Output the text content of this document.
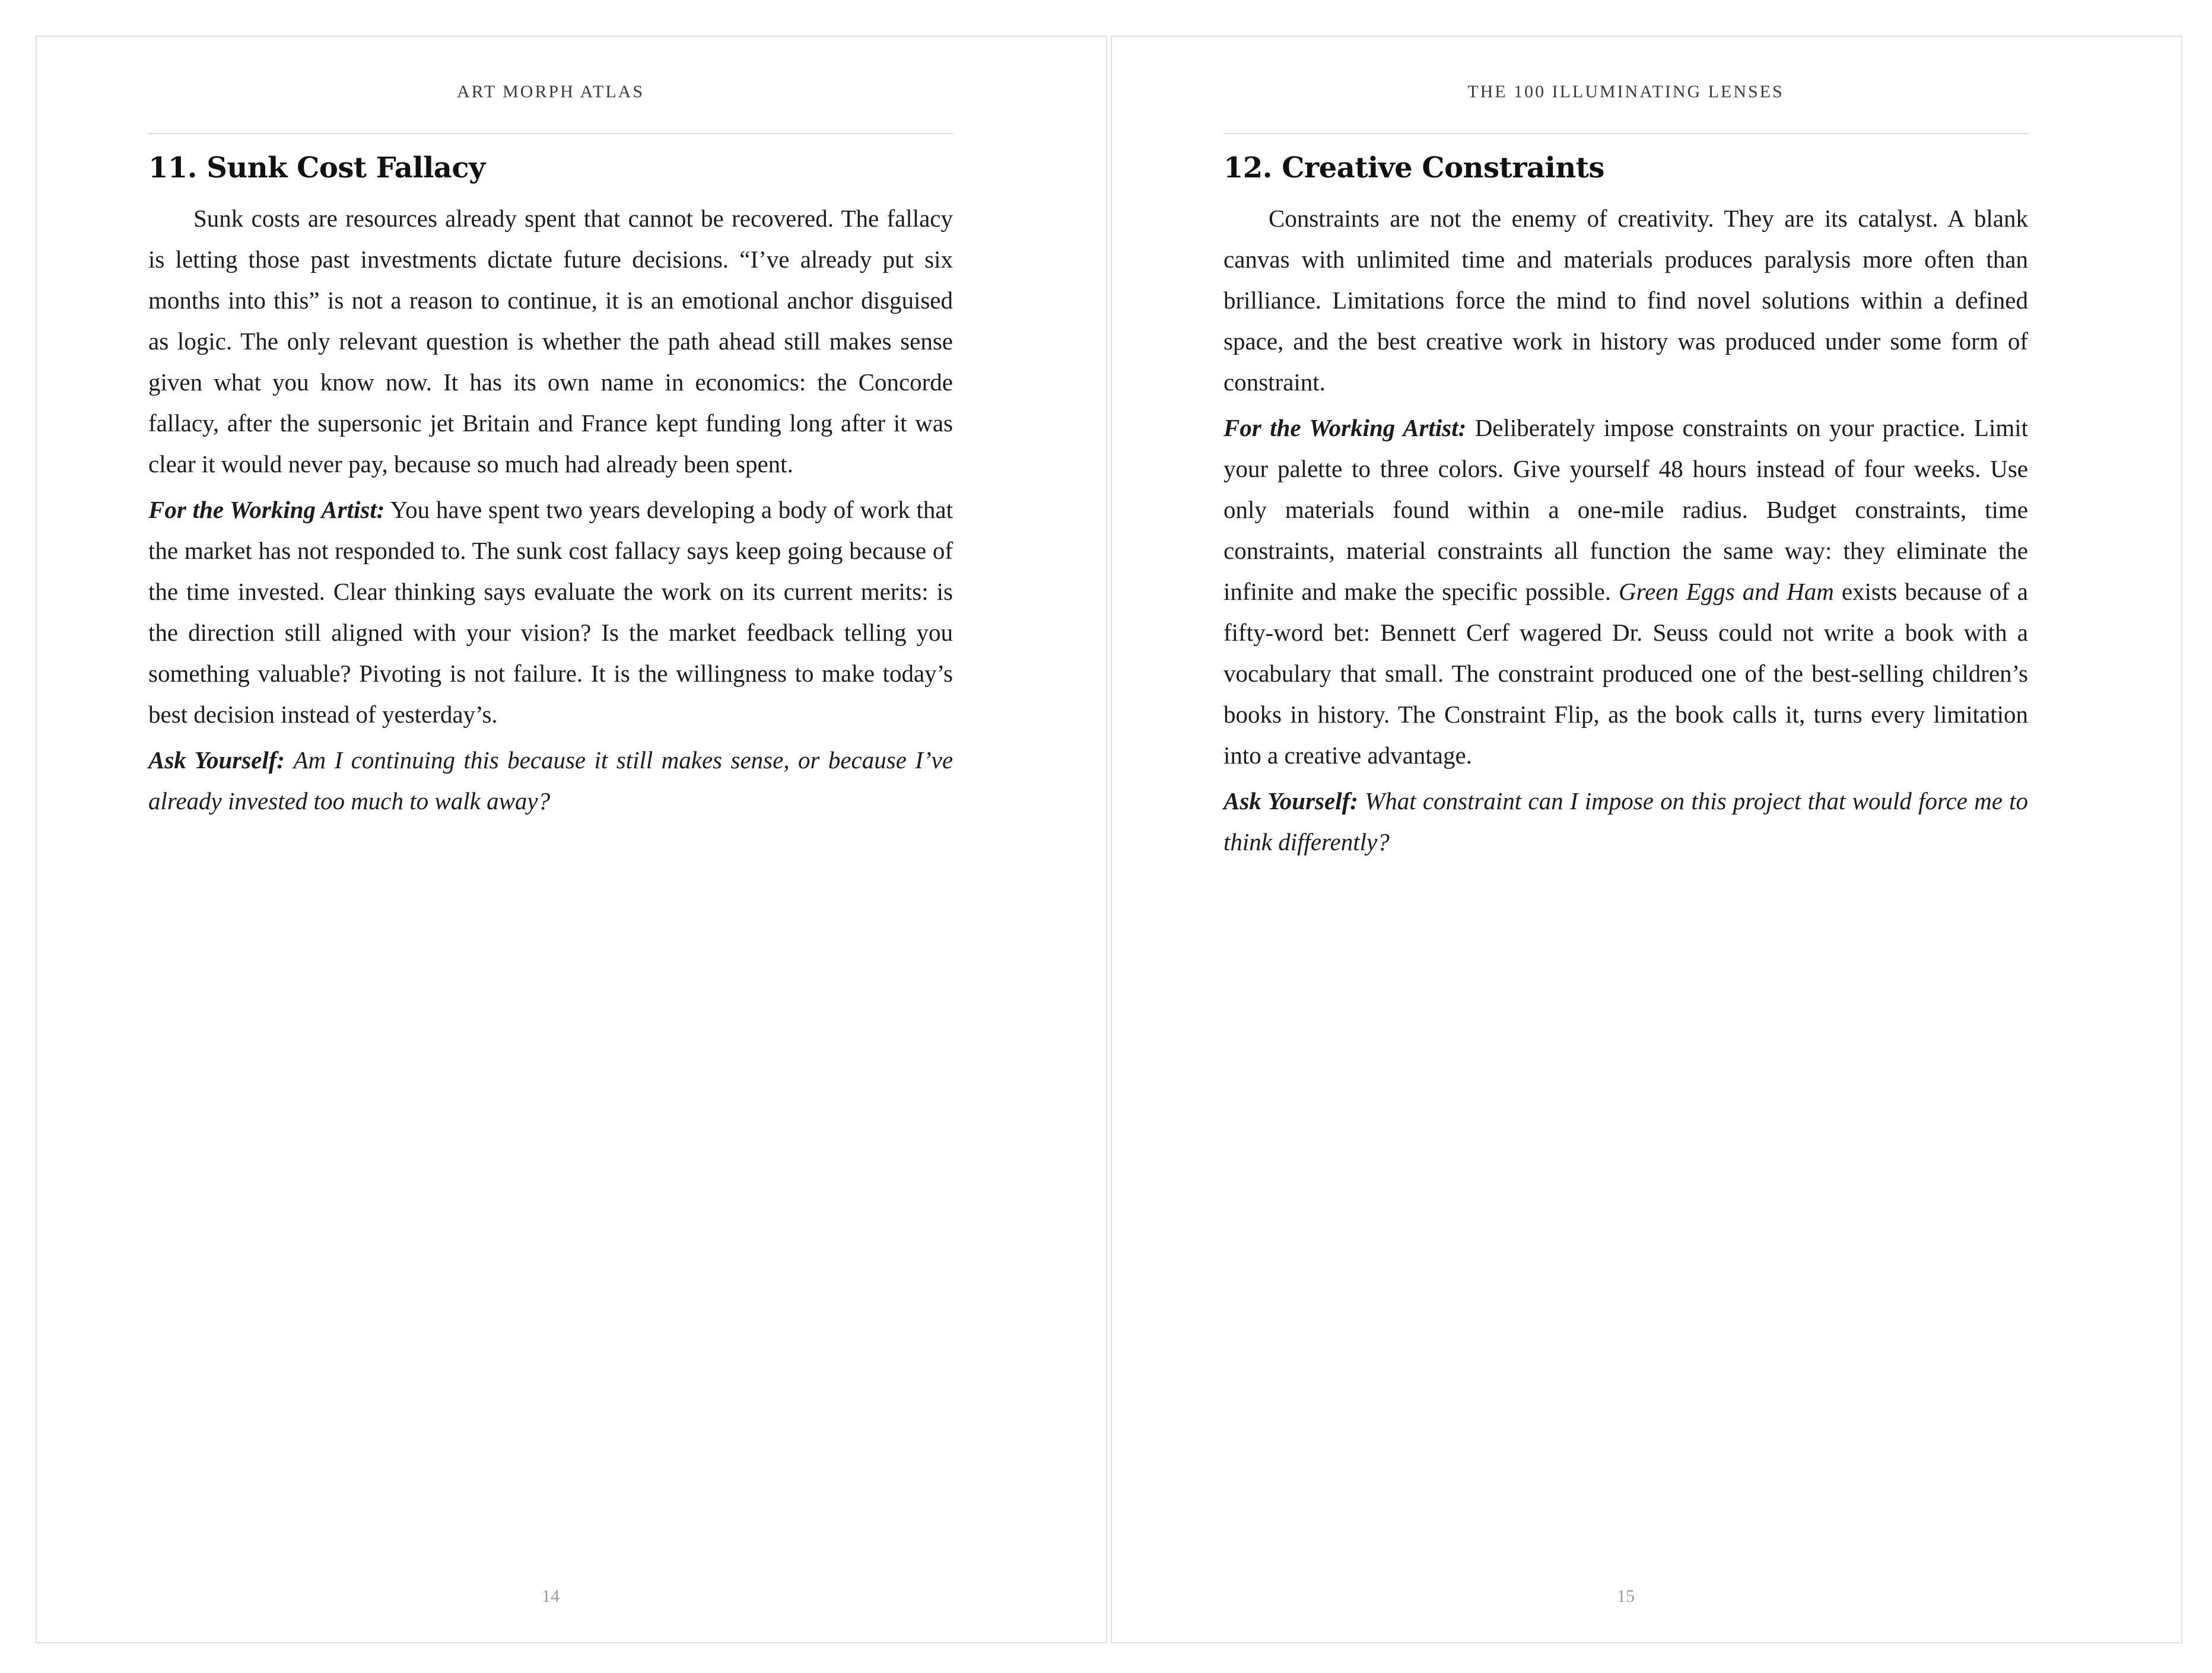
ART MORPH ATLAS
11. Sunk Cost Fallacy

Sunk costs are resources already spent that cannot be recovered. The fallacy is letting those past investments dictate future decisions. “I’ve already put six months into this” is not a reason to continue, it is an emotional anchor disguised as logic. The only relevant question is whether the path ahead still makes sense given what you know now. It has its own name in economics: the Concorde fallacy, after the supersonic jet Britain and France kept funding long after it was clear it would never pay, because so much had already been spent.

For the Working Artist: You have spent two years developing a body of work that the market has not responded to. The sunk cost fallacy says keep going because of the time invested. Clear thinking says evaluate the work on its current merits: is the direction still aligned with your vision? Is the market feedback telling you something valuable? Pivoting is not failure. It is the willingness to make today’s best decision instead of yesterday’s.

Ask Yourself: Am I continuing this because it still makes sense, or because I’ve already invested too much to walk away?

14
THE 100 ILLUMINATING LENSES
12. Creative Constraints

Constraints are not the enemy of creativity. They are its catalyst. A blank canvas with unlimited time and materials produces paralysis more often than brilliance. Limitations force the mind to find novel solutions within a defined space, and the best creative work in history was produced under some form of constraint.

For the Working Artist: Deliberately impose constraints on your practice. Limit your palette to three colors. Give yourself 48 hours instead of four weeks. Use only materials found within a one-mile radius. Budget constraints, time constraints, material constraints all function the same way: they eliminate the infinite and make the specific possible. Green Eggs and Ham exists because of a fifty-word bet: Bennett Cerf wagered Dr. Seuss could not write a book with a vocabulary that small. The constraint produced one of the best-selling children’s books in history. The Constraint Flip, as the book calls it, turns every limitation into a creative advantage.

Ask Yourself: What constraint can I impose on this project that would force me to think differently?

15
